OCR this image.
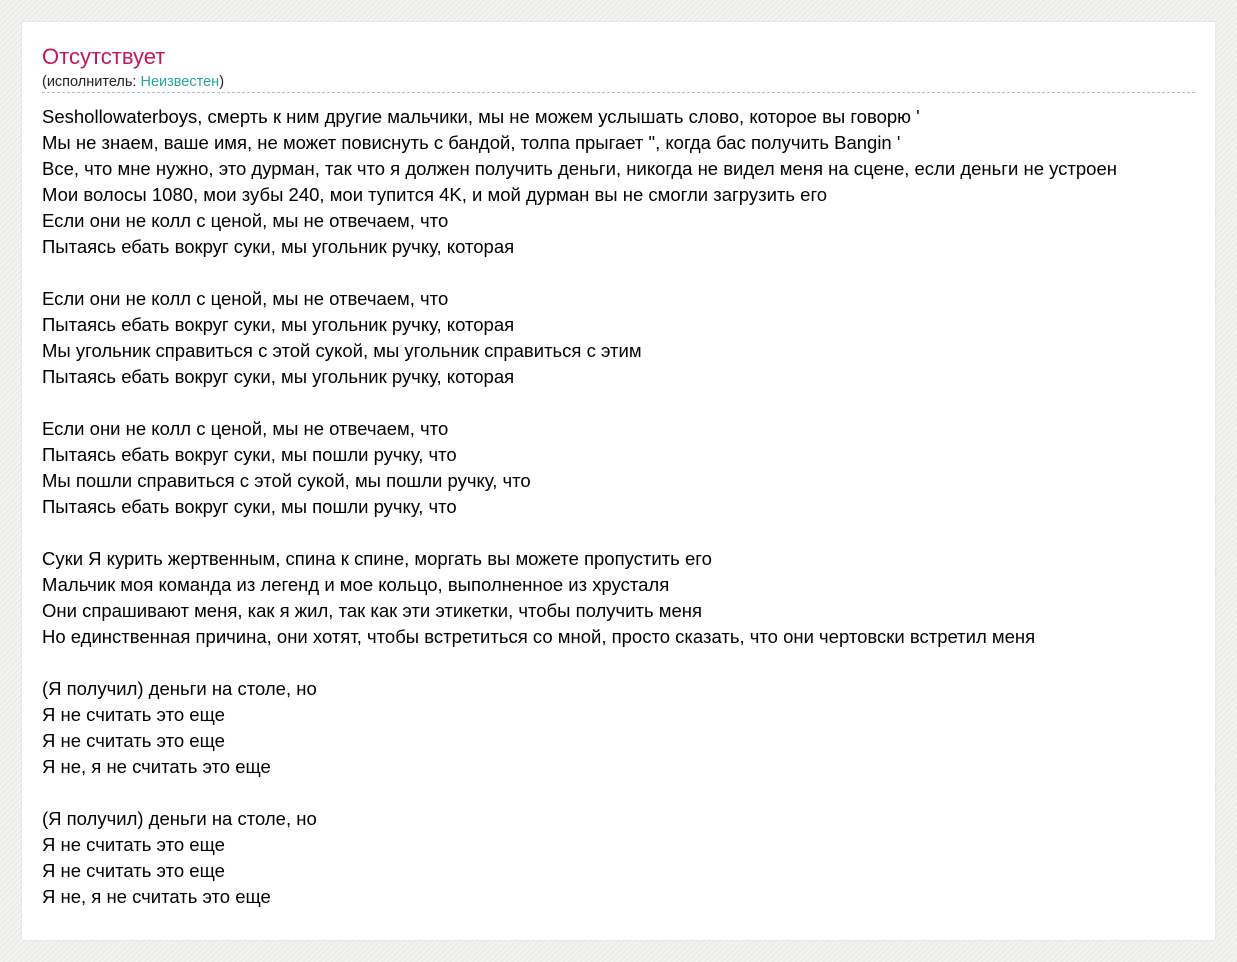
Отсутствует
(исполнитель: Неизвестен)
Seshollowaterboys, смерть к ним другие мальчики, мы не можем услышать слово, которое вы говорю '
Мы не знаем, ваше имя, не может повиснуть с бандой, толпа прыгает ", когда бас получить Bangin '
Все, что мне нужно, это дурман, так что я должен получить деньги, никогда не видел меня на сцене, если деньги не устроен
Мои волосы 1080, мои зубы 240, мои тупится 4K, и мой дурман вы не смогли загрузить его
Если они не колл с ценой, мы не отвечаем, что
Пытаясь ебать вокруг суки, мы угольник ручку, которая
Если они не колл с ценой, мы не отвечаем, что
Пытаясь ебать вокруг суки, мы угольник ручку, которая
Мы угольник справиться с этой сукой, мы угольник справиться с этим
Пытаясь ебать вокруг суки, мы угольник ручку, которая
Если они не колл с ценой, мы не отвечаем, что
Пытаясь ебать вокруг суки, мы пошли ручку, что
Мы пошли справиться с этой сукой, мы пошли ручку, что
Пытаясь ебать вокруг суки, мы пошли ручку, что
Суки Я курить жертвенным, спина к спине, моргать вы можете пропустить его
Мальчик моя команда из легенд и мое кольцо, выполненное из хрусталя
Они спрашивают меня, как я жил, так как эти этикетки, чтобы получить меня
Но единственная причина, они хотят, чтобы встретиться со мной, просто сказать, что они чертовски встретил меня
(Я получил) деньги на столе, но
Я не считать это еще
Я не считать это еще
Я не, я не считать это еще
(Я получил) деньги на столе, но
Я не считать это еще
Я не считать это еще
Я не, я не считать это еще
